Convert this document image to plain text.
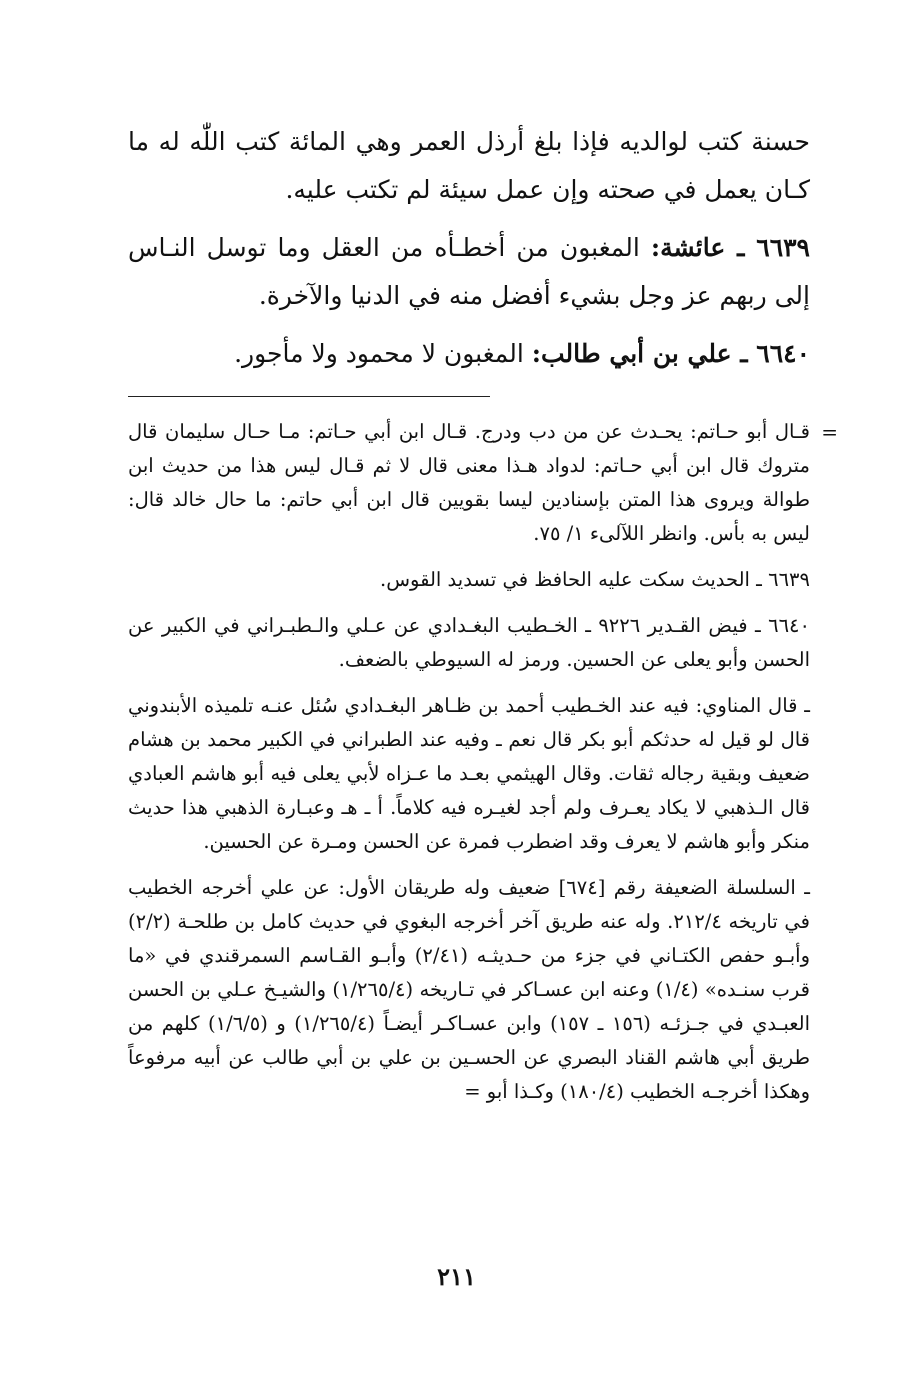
حسنة كتب لوالديه فإذا بلغ أرذل العمر وهي المائة كتب اللّٰه له ما كـان يعمل في صحته وإن عمل سيئة لم تكتب عليه.

٦٦٣٩ ـ عائشة: المغبون من أخطـأه من العقل وما توسل النـاس إلى ربهم عز وجل بشيء أفضل منه في الدنيا والآخرة.

٦٦٤٠ ـ علي بن أبي طالب: المغبون لا محمود ولا مأجور.

=

قـال أبو حـاتم: يحـدث عن من دب ودرج. قـال ابن أبي حـاتم: مـا حـال سليمان قال متروك قال ابن أبي حـاتم: لدواد هـذا معنى قال لا ثم قـال ليس هذا من حديث ابن طوالة ويروى هذا المتن بإسنادين ليسا بقويين قال ابن أبي حاتم: ما حال خالد قال: ليس به بأس. وانظر اللآلىء ١/ ٧٥.

٦٦٣٩ ـ الحديث سكت عليه الحافظ في تسديد القوس.

٦٦٤٠ ـ فيض القـدير ٩٢٢٦ ـ الخـطيب البغـدادي عن عـلي والـطبـراني في الكبير عن الحسن وأبو يعلى عن الحسين. ورمز له السيوطي بالضعف.

ـ قال المناوي: فيه عند الخـطيب أحمد بن ظـاهر البغـدادي سُئل عنـه تلميذه الأبندوني قال لو قيل له حدثكم أبو بكر قال نعم ـ وفيه عند الطبراني في الكبير محمد بن هشام ضعيف وبقية رجاله ثقات. وقال الهيثمي بعـد ما عـزاه لأبي يعلى فيه أبو هاشم العبادي قال الـذهبي لا يكاد يعـرف ولم أجد لغيـره فيه كلاماً. أ ـ هـ وعبـارة الذهبي هذا حديث منكر وأبو هاشم لا يعرف وقد اضطرب فمرة عن الحسن ومـرة عن الحسين.

ـ السلسلة الضعيفة رقم [٦٧٤] ضعيف وله طريقان الأول: عن علي أخرجه الخطيب في تاريخه ٢١٢/٤. وله عنه طريق آخر أخرجه البغوي في حديث كامل بن طلحـة (٢/٢) وأبـو حفص الكتـاني في جزء من حـديثـه (٢/٤١) وأبـو القـاسم السمرقندي في «ما قرب سنـده» (١/٤) وعنه ابن عسـاكر في تـاريخه (١/٢٦٥/٤) والشيـخ عـلي بن الحسن العبـدي في جـزئـه (١٥٦ ـ ١٥٧) وابن عسـاكـر أيضـاً (١/٢٦٥/٤) و (١/٦/٥) كلهم من طريق أبي هاشم القناد البصري عن الحسـين بن علي بن أبي طالب عن أبيه مرفوعاً وهكذا أخرجـه الخطيب (١٨٠/٤) وكـذا أبو =

٢١١
